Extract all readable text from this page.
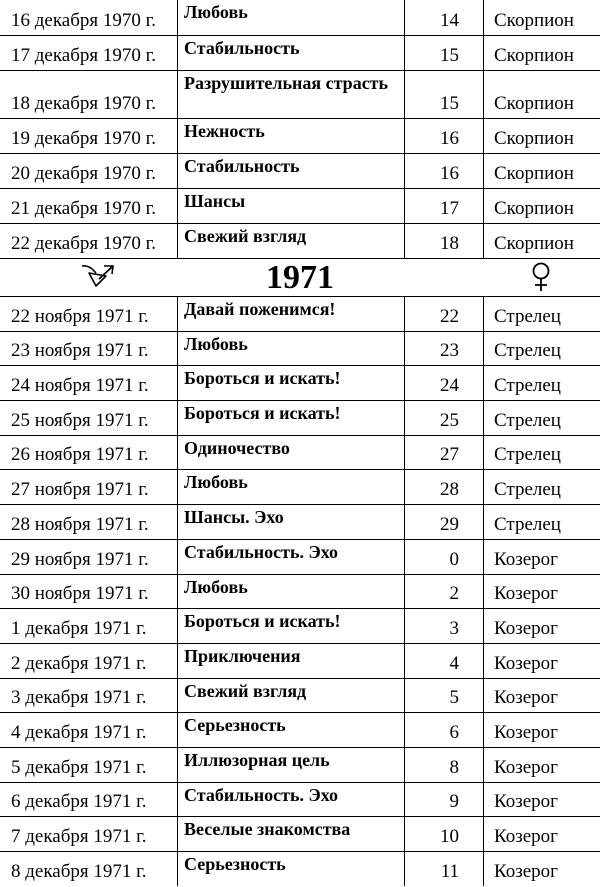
16 декабря 1970 г.	Любовь	14	Скорпион
17 декабря 1970 г.	Стабильность	15	Скорпион
18 декабря 1970 г.	Разрушительная страсть	15	Скорпион
19 декабря 1970 г.	Нежность	16	Скорпион
20 декабря 1970 г.	Стабильность	16	Скорпион
21 декабря 1970 г.	Шансы	17	Скорпион
22 декабря 1970 г.	Свежий взгляд	18	Скорпион
1971
22 ноября 1971 г.	Давай поженимся!	22	Стрелец
23 ноября 1971 г.	Любовь	23	Стрелец
24 ноября 1971 г.	Бороться и искать!	24	Стрелец
25 ноября 1971 г.	Бороться и искать!	25	Стрелец
26 ноября 1971 г.	Одиночество	27	Стрелец
27 ноября 1971 г.	Любовь	28	Стрелец
28 ноября 1971 г.	Шансы. Эхо	29	Стрелец
29 ноября 1971 г.	Стабильность. Эхо	0	Козерог
30 ноября 1971 г.	Любовь	2	Козерог
1 декабря 1971 г.	Бороться и искать!	3	Козерог
2 декабря 1971 г.	Приключения	4	Козерог
3 декабря 1971 г.	Свежий взгляд	5	Козерог
4 декабря 1971 г.	Серьезность	6	Козерог
5 декабря 1971 г.	Иллюзорная цель	8	Козерог
6 декабря 1971 г.	Стабильность. Эхо	9	Козерог
7 декабря 1971 г.	Веселые знакомства	10	Козерог
8 декабря 1971 г.	Серьезность	11	Козерог
